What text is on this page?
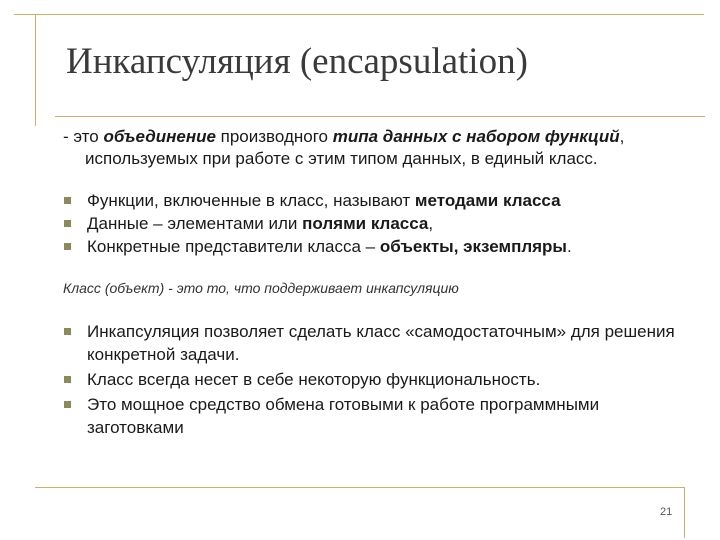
Инкапсуляция (encapsulation)

- это объединение производного типа данных с набором функций, используемых при работе с этим типом данных, в единый класс.

Функции, включенные в класс, называют методами класса
Данные – элементами или полями класса,
Конкретные представители класса – объекты, экземпляры.

Класс (объект) - это то, что поддерживает инкапсуляцию

Инкапсуляция позволяет сделать класс «самодостаточным» для решения конкретной задачи.
Класс всегда несет в себе некоторую функциональность.
Это мощное средство обмена готовыми к работе программными заготовками
21
